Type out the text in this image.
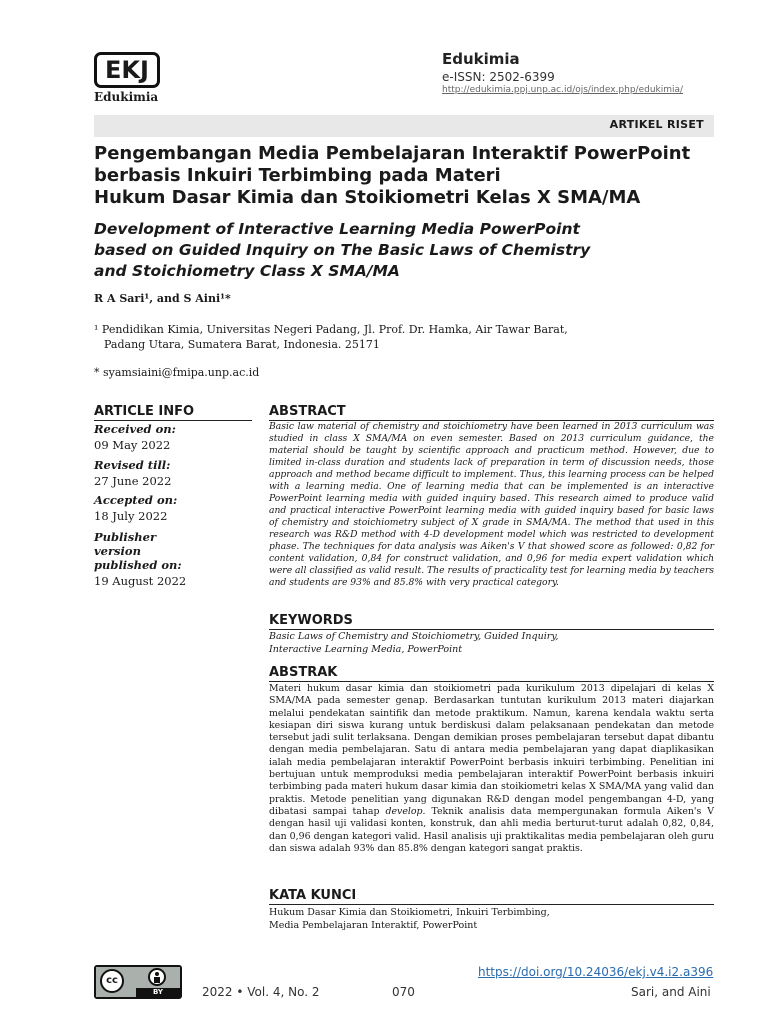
EKJ
Edukimia
Edukimia
e-ISSN: 2502-6399
http://edukimia.ppj.unp.ac.id/ojs/index.php/edukimia/
ARTIKEL RISET
Pengembangan Media Pembelajaran Interaktif PowerPoint
berbasis Inkuiri Terbimbing pada Materi
Hukum Dasar Kimia dan Stoikiometri Kelas X SMA/MA
Development of Interactive Learning Media PowerPoint
based on Guided Inquiry on The Basic Laws of Chemistry
and Stoichiometry Class X SMA/MA
R A Sari¹, and S Aini¹*
¹ Pendidikan Kimia, Universitas Negeri Padang, Jl. Prof. Dr. Hamka, Air Tawar Barat,
Padang Utara, Sumatera Barat, Indonesia. 25171
* syamsiaini@fmipa.unp.ac.id
ARTICLE INFO
Received on:
09 May 2022
Revised till:
27 June 2022
Accepted on:
18 July 2022
Publisher version published on:
19 August 2022
ABSTRACT
Basic law material of chemistry and stoichiometry have been learned in 2013 curriculum was studied in class X SMA/MA on even semester. Based on 2013 curriculum guidance, the material should be taught by scientific approach and practicum method. However, due to limited in-class duration and students lack of preparation in term of discussion needs, those approach and method became difficult to implement. Thus, this learning process can be helped with a learning media. One of learning media that can be implemented is an interactive PowerPoint learning media with guided inquiry based. This research aimed to produce valid and practical interactive PowerPoint learning media with guided inquiry based for basic laws of chemistry and stoichiometry subject of X grade in SMA/MA. The method that used in this research was R&D method with 4-D development model which was restricted to development phase. The techniques for data analysis was Aiken's V that showed score as followed: 0,82 for content validation, 0,84 for construct validation, and 0,96 for media expert validation which were all classified as valid result. The results of practicality test for learning media by teachers and students are 93% and 85.8% with very practical category.
KEYWORDS
Basic Laws of Chemistry and Stoichiometry, Guided Inquiry,
Interactive Learning Media, PowerPoint
ABSTRAK
Materi hukum dasar kimia dan stoikiometri pada kurikulum 2013 dipelajari di kelas X SMA/MA pada semester genap. Berdasarkan tuntutan kurikulum 2013 materi diajarkan melalui pendekatan saintifik dan metode praktikum. Namun, karena kendala waktu serta kesiapan diri siswa kurang untuk berdiskusi dalam pelaksanaan pendekatan dan metode tersebut jadi sulit terlaksana. Dengan demikian proses pembelajaran tersebut dapat dibantu dengan media pembelajaran. Satu di antara media pembelajaran yang dapat diaplikasikan ialah media pembelajaran interaktif PowerPoint berbasis inkuiri terbimbing. Penelitian ini bertujuan untuk memproduksi media pembelajaran interaktif PowerPoint berbasis inkuiri terbimbing pada materi hukum dasar kimia dan stoikiometri kelas X SMA/MA yang valid dan praktis. Metode penelitian yang digunakan R&D dengan model pengembangan 4-D, yang dibatasi sampai tahap develop. Teknik analisis data mempergunakan formula Aiken's V dengan hasil uji validasi konten, konstruk, dan ahli media berturut-turut adalah 0,82, 0,84, dan 0,96 dengan kategori valid. Hasil analisis uji praktikalitas media pembelajaran oleh guru dan siswa adalah 93% dan 85.8% dengan kategori sangat praktis.
KATA KUNCI
Hukum Dasar Kimia dan Stoikiometri, Inkuiri Terbimbing,
Media Pembelajaran Interaktif, PowerPoint
cc
BY
https://doi.org/10.24036/ekj.v4.i2.a396
2022 • Vol. 4, No. 2	070	Sari, and Aini
